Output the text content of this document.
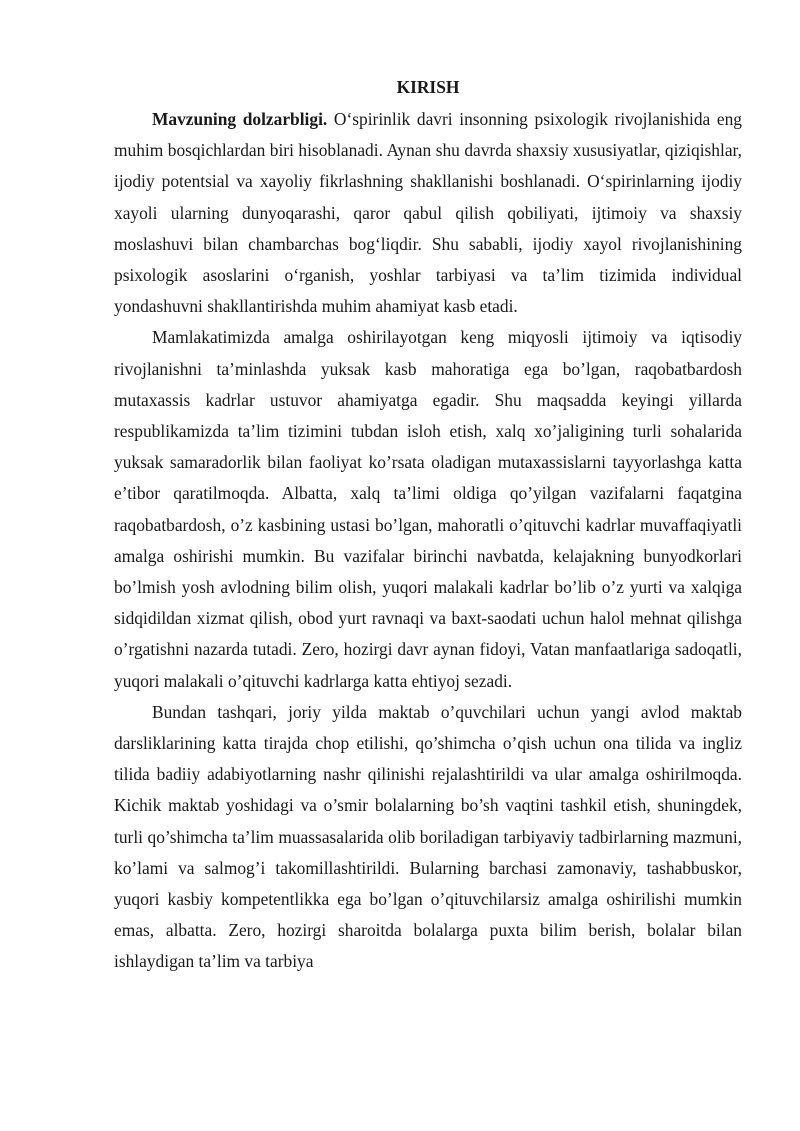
KIRISH

Mavzuning dolzarbligi. O‘spirinlik davri insonning psixologik rivojlanishida eng muhim bosqichlardan biri hisoblanadi. Aynan shu davrda shaxsiy xususiyatlar, qiziqishlar, ijodiy potentsial va xayoliy fikrlashning shakllanishi boshlanadi. O‘spirinlarning ijodiy xayoli ularning dunyoqarashi, qaror qabul qilish qobiliyati, ijtimoiy va shaxsiy moslashuvi bilan chambarchas bog‘liqdir. Shu sababli, ijodiy xayol rivojlanishining psixologik asoslarini o‘rganish, yoshlar tarbiyasi va ta’lim tizimida individual yondashuvni shakllantirishda muhim ahamiyat kasb etadi.

Mamlakatimizda amalga oshirilayotgan keng miqyosli ijtimoiy va iqtisodiy rivojlanishni ta’minlashda yuksak kasb mahoratiga ega bo’lgan, raqobatbardosh mutaxassis kadrlar ustuvor ahamiyatga egadir. Shu maqsadda keyingi yillarda respublikamizda ta’lim tizimini tubdan isloh etish, xalq xo’jaligining turli sohalarida yuksak samaradorlik bilan faoliyat ko’rsata oladigan mutaxassislarni tayyorlashga katta e’tibor qaratilmoqda. Albatta, xalq ta’limi oldiga qo’yilgan vazifalarni faqatgina raqobatbardosh, o’z kasbining ustasi bo’lgan, mahoratli o’qituvchi kadrlar muvaffaqiyatli amalga oshirishi mumkin. Bu vazifalar birinchi navbatda, kelajakning bunyodkorlari bo’lmish yosh avlodning bilim olish, yuqori malakali kadrlar bo’lib o’z yurti va xalqiga sidqidildan xizmat qilish, obod yurt ravnaqi va baxt-saodati uchun halol mehnat qilishga o’rgatishni nazarda tutadi. Zero, hozirgi davr aynan fidoyi, Vatan manfaatlariga sadoqatli, yuqori malakali o’qituvchi kadrlarga katta ehtiyoj sezadi.

Bundan tashqari, joriy yilda maktab o’quvchilari uchun yangi avlod maktab darsliklarining katta tirajda chop etilishi, qo’shimcha o’qish uchun ona tilida va ingliz tilida badiiy adabiyotlarning nashr qilinishi rejalashtirildi va ular amalga oshirilmoqda. Kichik maktab yoshidagi va o’smir bolalarning bo’sh vaqtini tashkil etish, shuningdek, turli qo’shimcha ta’lim muassasalarida olib boriladigan tarbiyaviy tadbirlarning mazmuni, ko’lami va salmog’i takomillashtirildi. Bularning barchasi zamonaviy, tashabbuskor, yuqori kasbiy kompetentlikka ega bo’lgan o’qituvchilarsiz amalga oshirilishi mumkin emas, albatta. Zero, hozirgi sharoitda bolalarga puxta bilim berish, bolalar bilan ishlaydigan ta’lim va tarbiya
